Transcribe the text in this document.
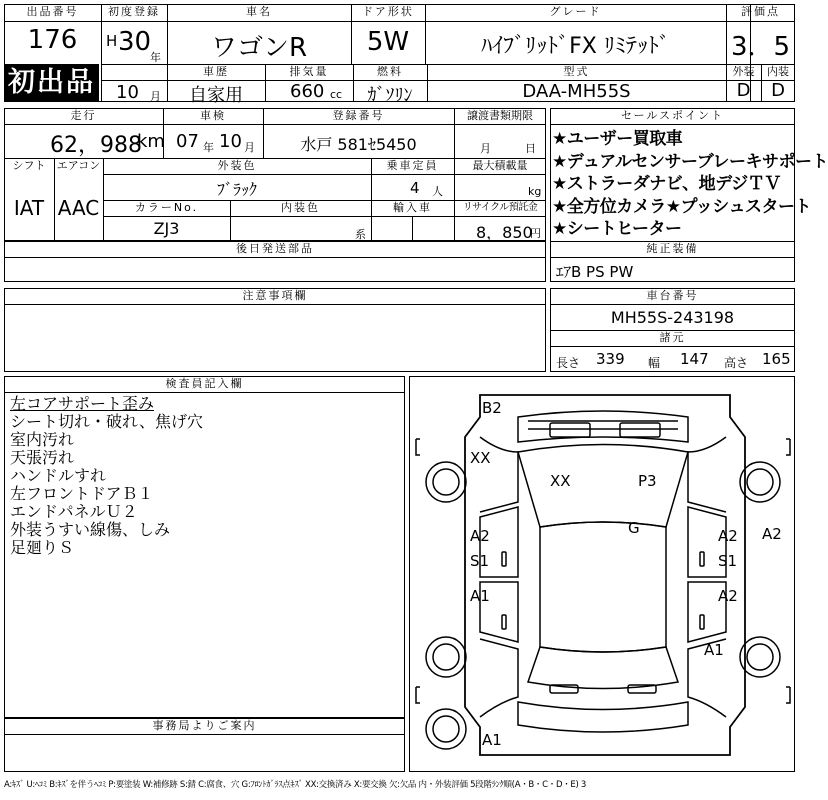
出品番号
176
初出品
初度登録
H 30
年
10 月
車名
ワゴンR
ドア形状
5W
グレード
ﾊｲﾌﾞﾘｯﾄﾞFX ﾘﾐﾃｯﾄﾞ
評価点
3．5
外装	内装
D	D
車歴
自家用
排気量
660 cc
燃料
ｶﾞｿﾘﾝ
型式
DAA-MH55S
走行
62，988
km
車検
07 年 10 月
登録番号
水戸 581ｾ5450
譲渡書類期限
月	日
シフト
IAT
エアコン
AAC
外装色
ﾌﾞﾗｯｸ
乗車定員
4 人
最大積載量
kg
カラーNo.
ZJ3
内装色
系
輸入車	リサイクル預託金
8，850
円
後日発送部品
セールスポイント
★ユーザー買取車
★デュアルセンサーブレーキサポート
★ストラーダナビ、地デジＴＶ
★全方位カメラ★プッシュスタート
★シートヒーター
純正装備
ｴｱB PS PW
注意事項欄	車台番号
MH55S-243198
諸元
長さ 339 幅 147 高さ 165
検査員記入欄
左コアサポート歪み
シート切れ・破れ、焦げ穴
室内汚れ
天張汚れ
ハンドルすれ
左フロントドアＢ１
エンドパネルＵ２
外装うすい線傷、しみ
足廻りＳ
事務局よりご案内
B2
XX
XX	P3
G
A2
S1
A2
S1
A2
A1	A2
A1
A1
A:ｷｽﾞ U:ﾍｺﾐ B:ｷｽﾞを伴うﾍｺﾐ P:要塗装 W:補修跡 S:錆 C:腐食、穴 G:ﾌﾛﾝﾄｶﾞﾗｽ点ｷｽﾞ XX:交換済み X:要交換 欠:欠品 内・外装評価 5段階ﾗﾝｸ順(A・B・C・D・E) 3
